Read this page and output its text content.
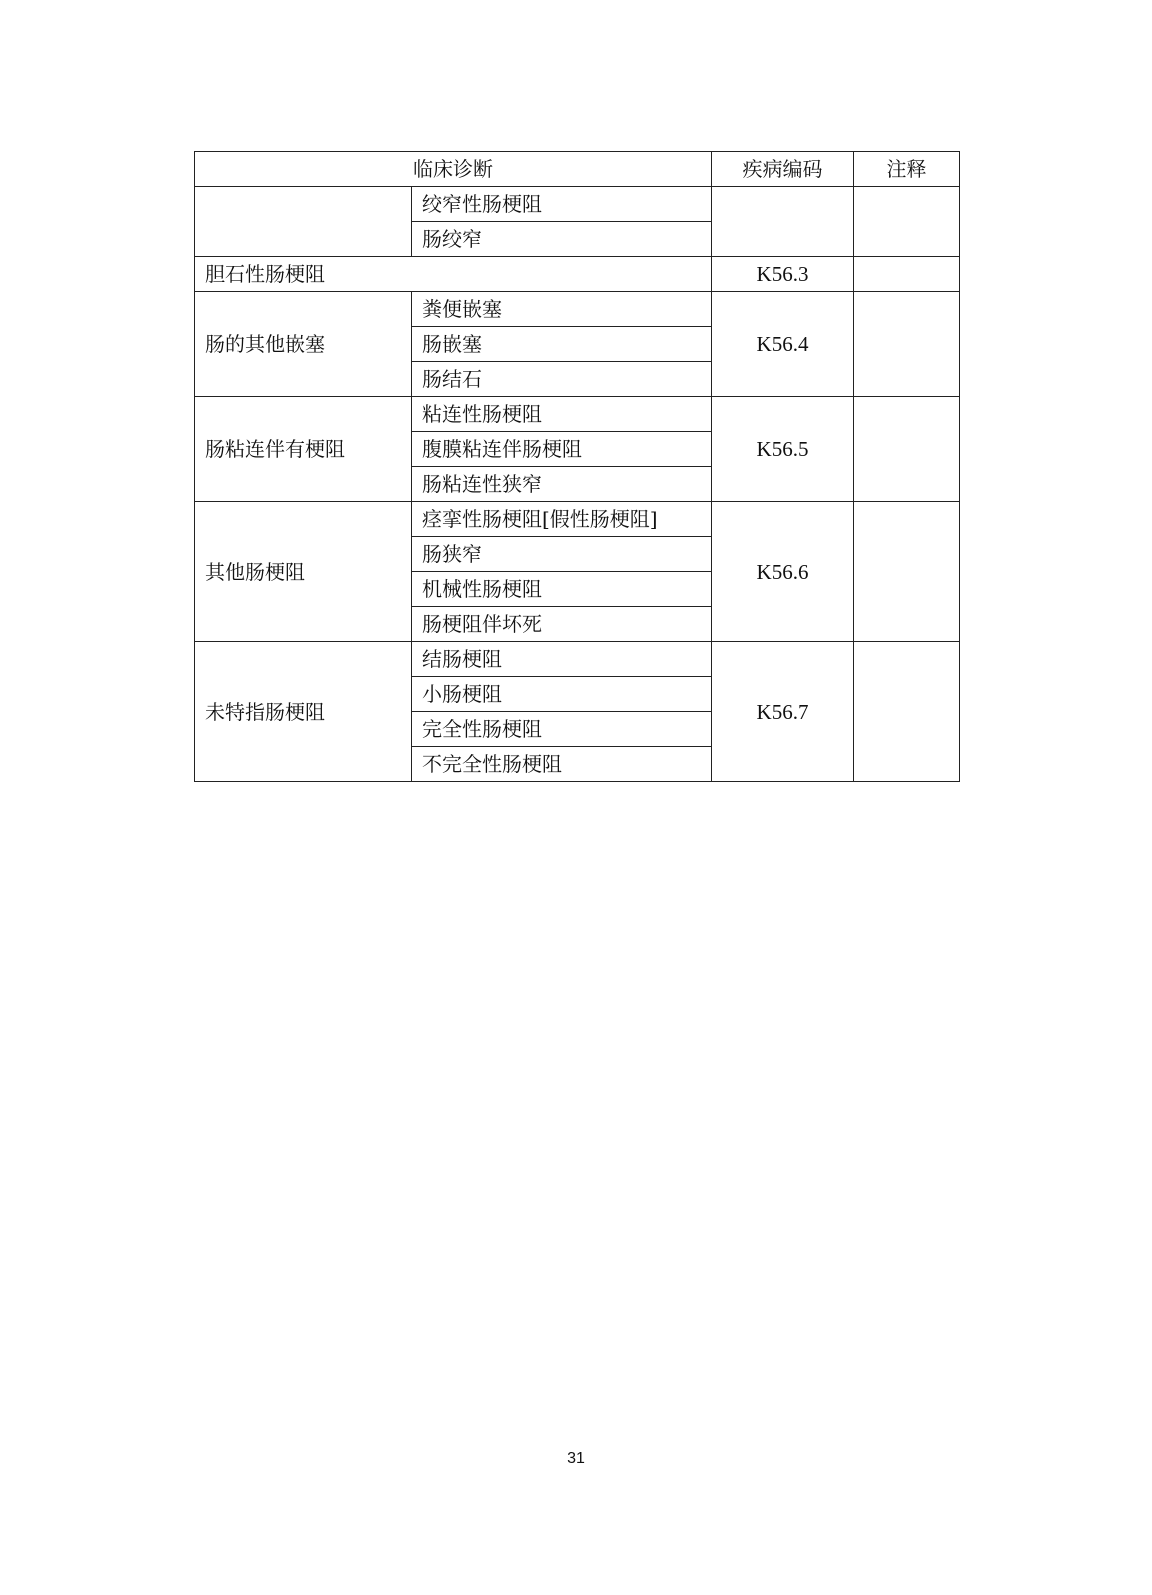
临床诊断		疾病编码	注释
	绞窄性肠梗阻		
	肠绞窄		
胆石性肠梗阻		K56.3	
肠的其他嵌塞	粪便嵌塞	K56.4	
	肠嵌塞		
	肠结石		
肠粘连伴有梗阻	粘连性肠梗阻	K56.5	
	腹膜粘连伴肠梗阻		
	肠粘连性狭窄		
其他肠梗阻	痉挛性肠梗阻[假性肠梗阻]	K56.6	
	肠狭窄		
	机械性肠梗阻		
	肠梗阻伴坏死		
未特指肠梗阻	结肠梗阻	K56.7	
	小肠梗阻		
	完全性肠梗阻		
	不完全性肠梗阻		
31
